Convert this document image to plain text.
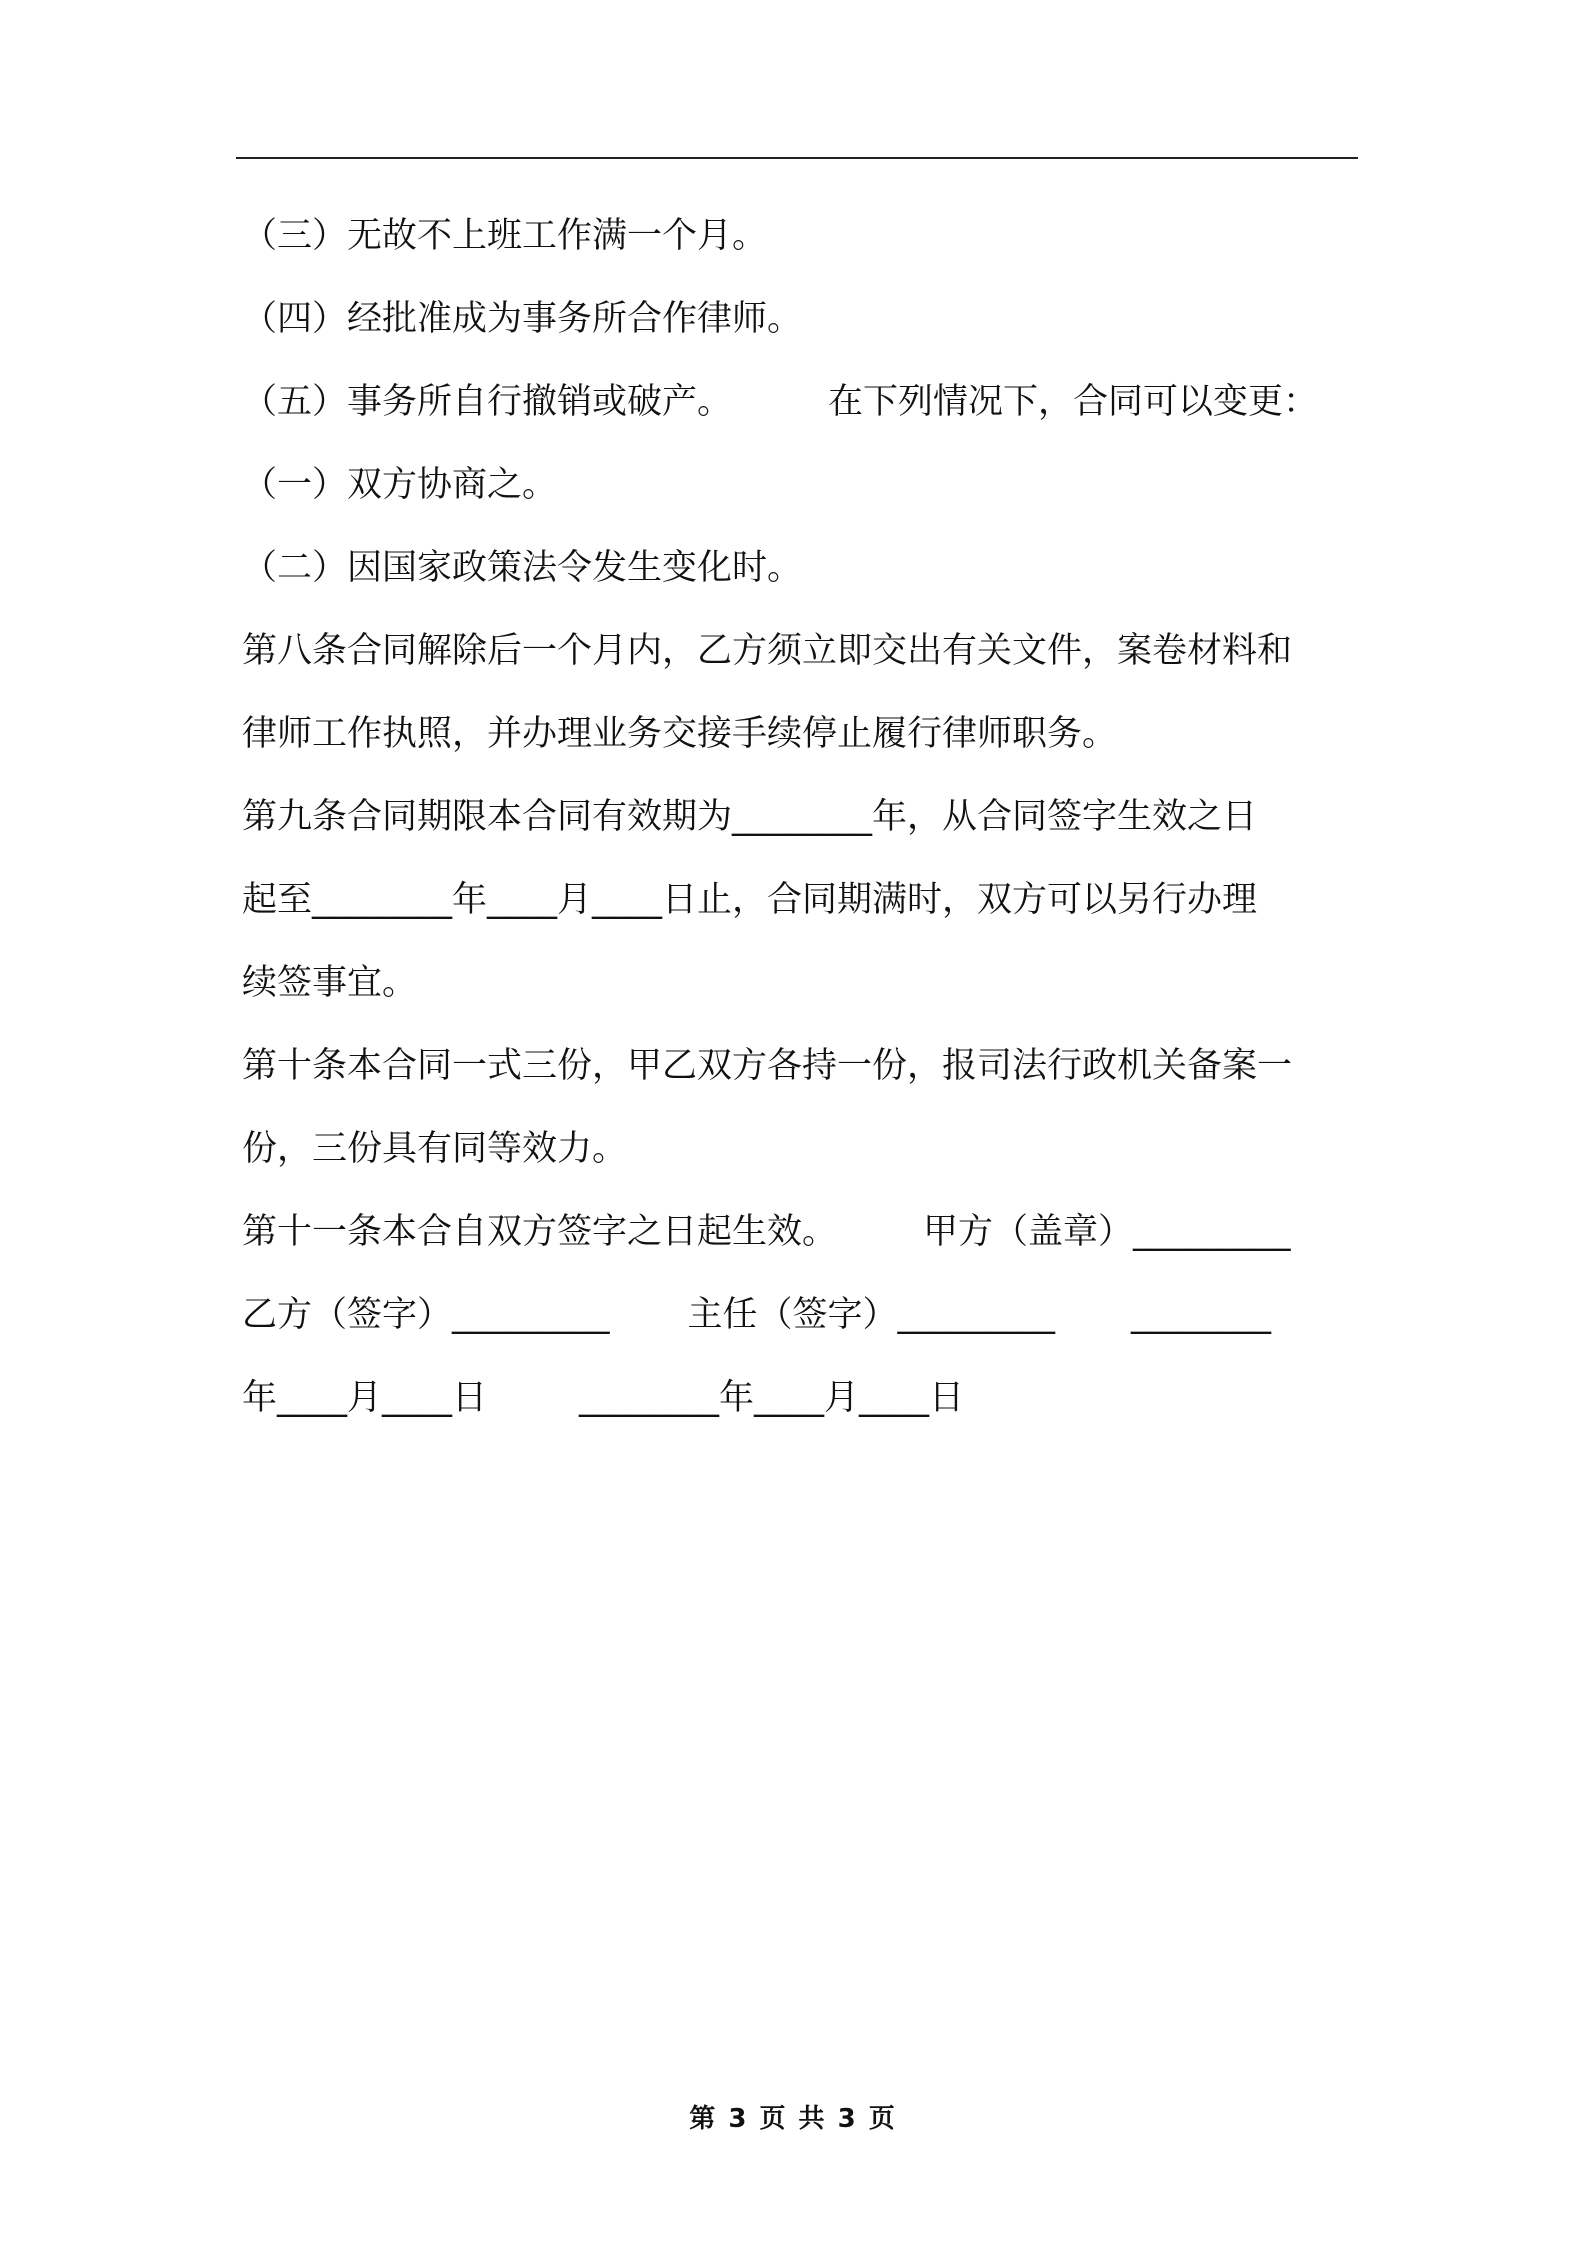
（三）无故不上班工作满一个月。
（四）经批准成为事务所合作律师。
（五）事务所自行撤销或破产。	在下列情况下，合同可以变更：
（一）双方协商之。
（二）因国家政策法令发生变化时。
第八条合同解除后一个月内，乙方须立即交出有关文件，案卷材料和
律师工作执照，并办理业务交接手续停止履行律师职务。
第九条合同期限本合同有效期为________年，从合同签字生效之日
起至________年____月____日止，合同期满时，双方可以另行办理
续签事宜。
第十条本合同一式三份，甲乙双方各持一份，报司法行政机关备案一
份，三份具有同等效力。
第十一条本合自双方签字之日起生效。 甲方（盖章）_________
乙方（签字）_________ 主任（签字）_________ ________
年____月____日	________年____月____日
第 3 页 共 3 页
